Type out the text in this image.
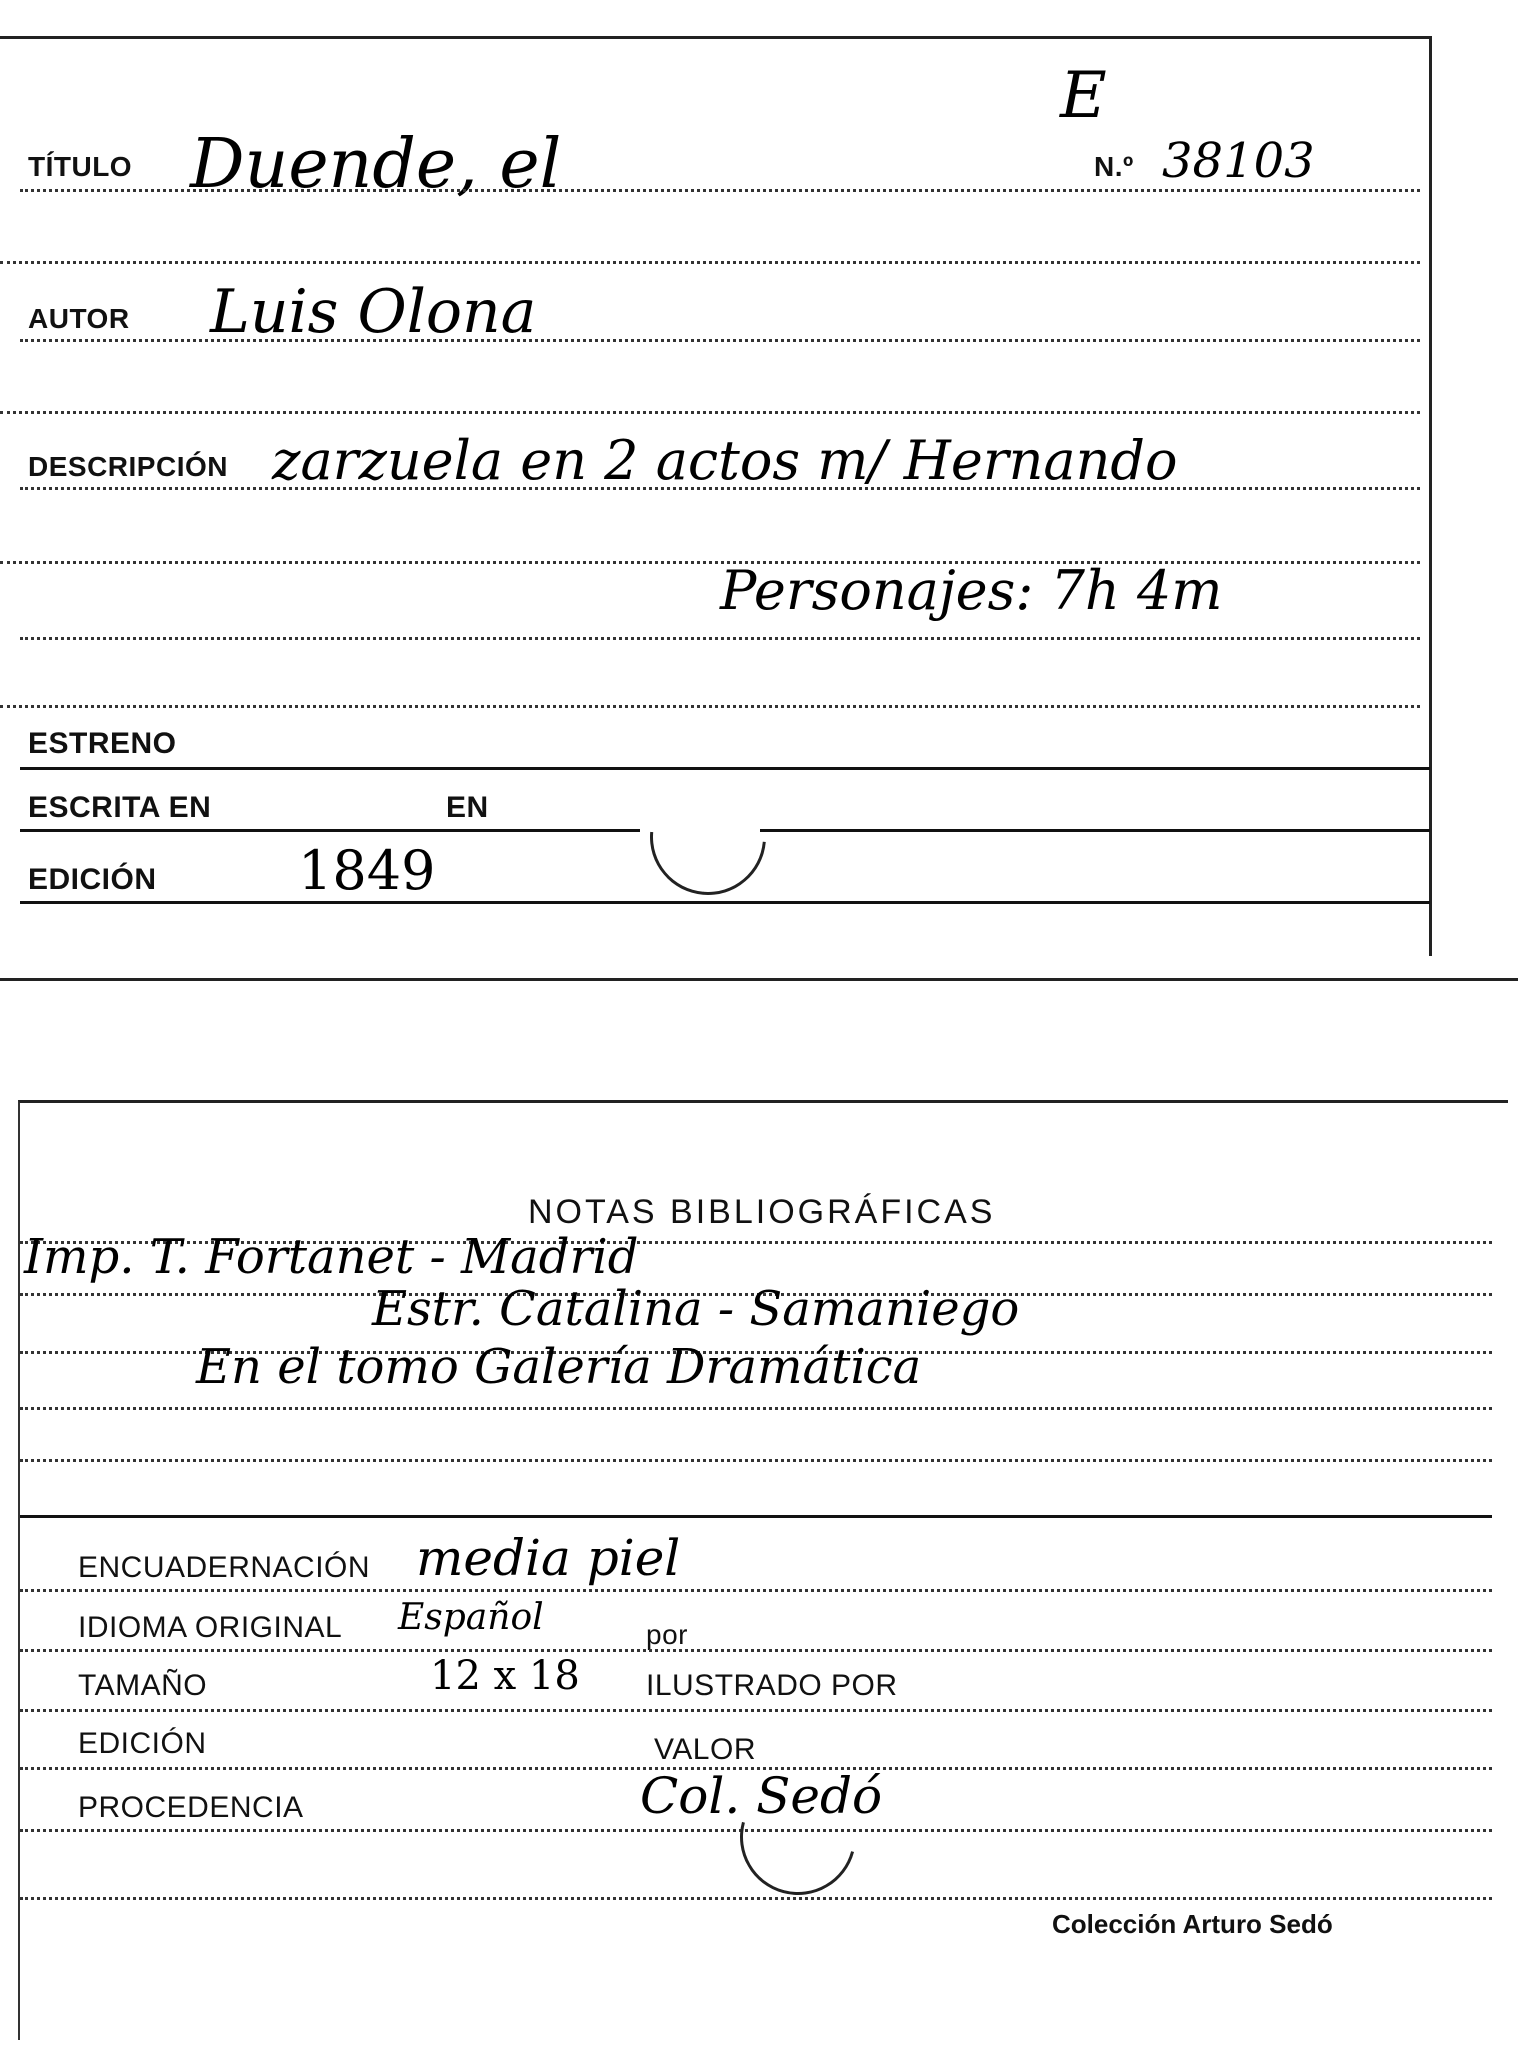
E
TÍTULO Duende, el	N.º 38103
AUTOR Luis Olona
DESCRIPCIÓN zarzuela en 2 actos m/ Hernando
Personajes: 7h 4m
ESTRENO
ESCRITA EN	EN
EDICIÓN	1849
NOTAS BIBLIOGRÁFICAS
Imp. T. Fortanet - Madrid
Estr. Catalina - Samaniego
En el tomo Galería Dramática
ENCUADERNACIÓN media piel
IDIOMA ORIGINAL Español	por
TAMAÑO	12 x 18 ILUSTRADO POR
EDICIÓN	VALOR
PROCEDENCIA	Col. Sedó
Colección Arturo Sedó
